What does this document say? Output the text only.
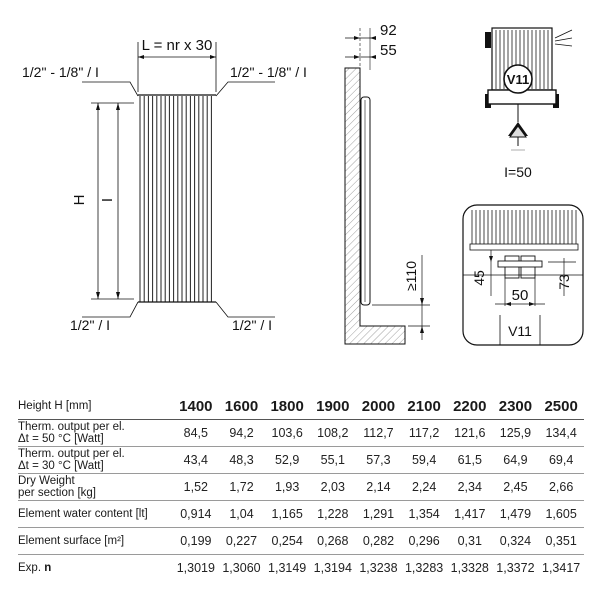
L = nr x 30
1/2" - 1/8" / I	1/2" - 1/8" / I
1/2" / I	1/2" / I
H I
92
55
≥110
V11
I=50
45	73
50
V11
Height H [mm]	1400	1600	1800	1900	2000	2100	2200	2300	2500

Therm. output per el.
Δt = 50 °C [Watt]	84,5	94,2	103,6	108,2	112,7	117,2	121,6	125,9	134,4

Therm. output per el.
Δt = 30 °C [Watt]	43,4	48,3	52,9	55,1	57,3	59,4	61,5	64,9	69,4

Dry Weight
per section [kg]	1,52	1,72	1,93	2,03	2,14	2,24	2,34	2,45	2,66

Element water content [lt]	0,914	1,04	1,165	1,228	1,291	1,354	1,417	1,479	1,605

Element surface [m²]	0,199	0,227	0,254	0,268	0,282	0,296	0,31	0,324	0,351
Exp. n	1,3019	1,3060	1,3149	1,3194	1,3238	1,3283	1,3328	1,3372	1,3417
